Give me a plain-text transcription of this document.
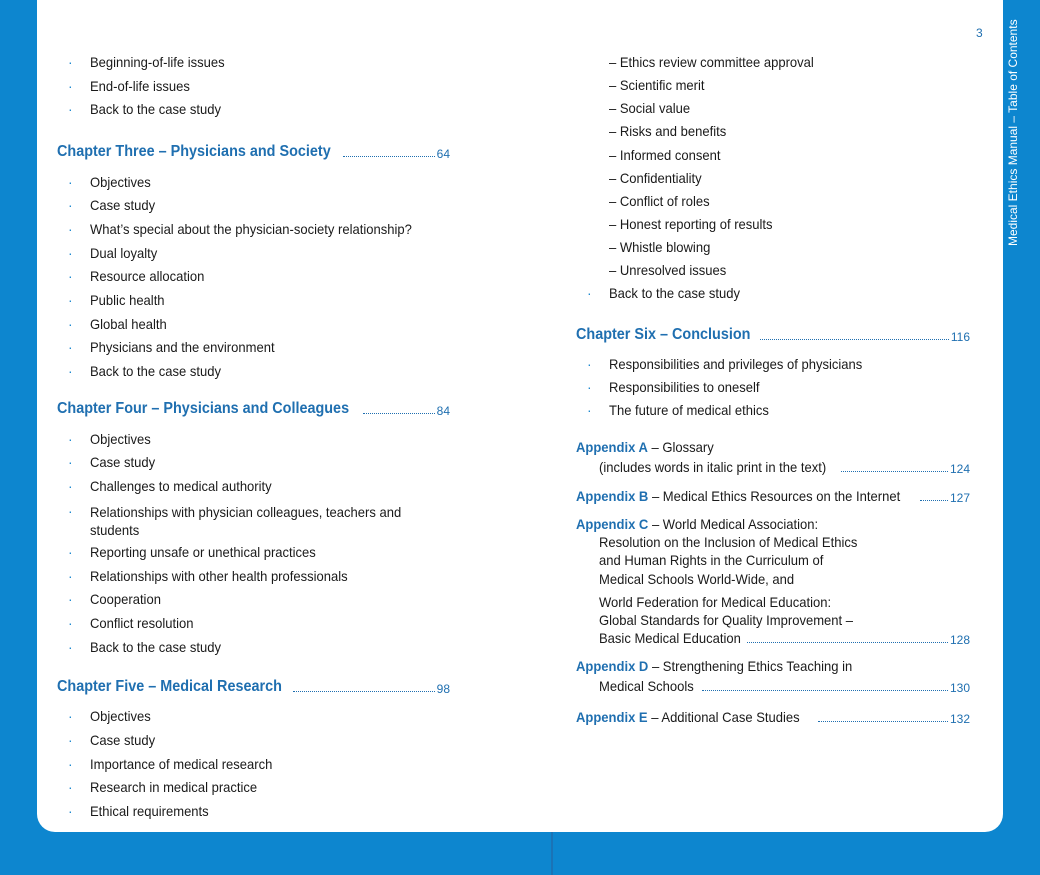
Medical Ethics Manual – Table of Contents
3
· Beginning-of-life issues
· End-of-life issues
· Back to the case study
Chapter Three – Physicians and Society	64
· Objectives
· Case study
· What’s special about the physician-society relationship?
· Dual loyalty
· Resource allocation
· Public health
· Global health
· Physicians and the environment
· Back to the case study
Chapter Four – Physicians and Colleagues	84
· Objectives
· Case study
· Challenges to medical authority
· Relationships with physician colleagues, teachers and students
· Reporting unsafe or unethical practices
· Relationships with other health professionals
· Cooperation
· Conflict resolution
· Back to the case study
Chapter Five – Medical Research	98
· Objectives
· Case study
· Importance of medical research
· Research in medical practice
· Ethical requirements
– Ethics review committee approval
– Scientific merit
– Social value
– Risks and benefits
– Informed consent
– Confidentiality
– Conflict of roles
– Honest reporting of results
– Whistle blowing
– Unresolved issues
· Back to the case study
Chapter Six – Conclusion	116
· Responsibilities and privileges of physicians
· Responsibilities to oneself
· The future of medical ethics
Appendix A – Glossary
(includes words in italic print in the text)	124
Appendix B – Medical Ethics Resources on the Internet	127
Appendix C – World Medical Association:
Resolution on the Inclusion of Medical Ethics
and Human Rights in the Curriculum of
Medical Schools World-Wide, and
World Federation for Medical Education:
Global Standards for Quality Improvement –
Basic Medical Education	128
Appendix D – Strengthening Ethics Teaching in
Medical Schools	130
Appendix E – Additional Case Studies	132
